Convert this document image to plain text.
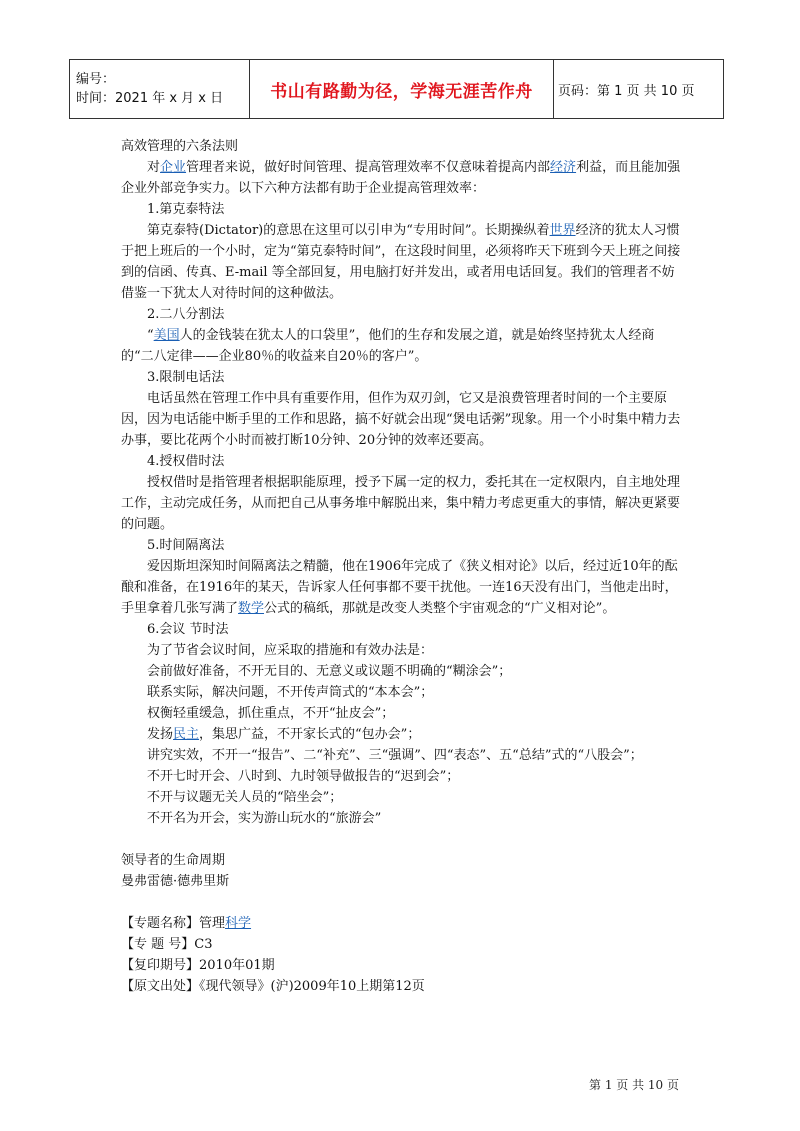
编号：
时间：2021 年 x 月 x 日	书山有路勤为径，学海无涯苦作舟	页码：第 1 页 共 10 页

高效管理的六条法则

对企业管理者来说，做好时间管理、提高管理效率不仅意味着提高内部经济利益，而且能加强企业外部竞争实力。以下六种方法都有助于企业提高管理效率：

1.第克泰特法

第克泰特(Dictator)的意思在这里可以引申为“专用时间”。长期操纵着世界经济的犹太人习惯于把上班后的一个小时，定为“第克泰特时间”，在这段时间里，必须将昨天下班到今天上班之间接到的信函、传真、E-mail 等全部回复，用电脑打好并发出，或者用电话回复。我们的管理者不妨借鉴一下犹太人对待时间的这种做法。

2.二八分割法

“美国人的金钱装在犹太人的口袋里”，他们的生存和发展之道，就是始终坚持犹太人经商的“二八定律——企业80％的收益来自20％的客户”。

3.限制电话法

电话虽然在管理工作中具有重要作用，但作为双刃剑，它又是浪费管理者时间的一个主要原因，因为电话能中断手里的工作和思路，搞不好就会出现“煲电话粥”现象。用一个小时集中精力去办事，要比花两个小时而被打断10分钟、20分钟的效率还要高。

4.授权借时法

授权借时是指管理者根据职能原理，授予下属一定的权力，委托其在一定权限内，自主地处理工作，主动完成任务，从而把自己从事务堆中解脱出来，集中精力考虑更重大的事情，解决更紧要的问题。

5.时间隔离法

爱因斯坦深知时间隔离法之精髓，他在1906年完成了《狭义相对论》以后，经过近10年的酝酿和准备，在1916年的某天，告诉家人任何事都不要干扰他。一连16天没有出门，当他走出时，手里拿着几张写满了数学公式的稿纸，那就是改变人类整个宇宙观念的“广义相对论”。

6.会议 节时法

为了节省会议时间，应采取的措施和有效办法是：

会前做好准备，不开无目的、无意义或议题不明确的“糊涂会”；

联系实际，解决问题，不开传声筒式的“本本会”；

权衡轻重缓急，抓住重点，不开“扯皮会”；

发扬民主，集思广益，不开家长式的“包办会”；

讲究实效，不开一“报告”、二“补充”、三“强调”、四“表态”、五“总结”式的“八股会”；

不开七时开会、八时到、九时领导做报告的“迟到会”；

不开与议题无关人员的“陪坐会”；

不开名为开会，实为游山玩水的“旅游会”

领导者的生命周期

曼弗雷德·德弗里斯

【专题名称】管理科学

【专 题 号】C3

【复印期号】2010年01期

【原文出处】《现代领导》(沪)2009年10上期第12页

第 1 页 共 10 页
